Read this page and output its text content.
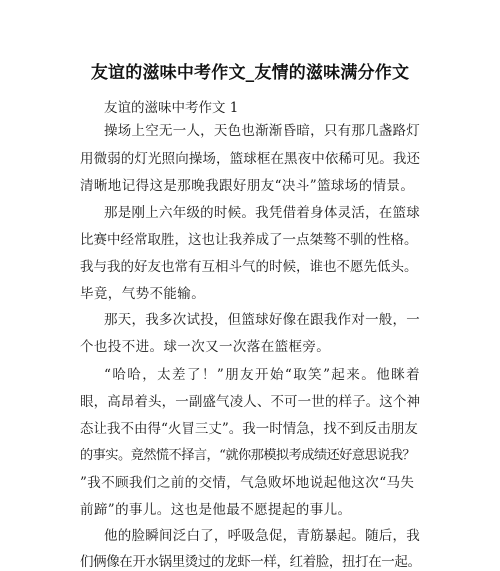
友谊的滋味中考作文_友情的滋味满分作文
友谊的滋味中考作文 1
操场上空无一人，天色也渐渐昏暗，只有那几盏路灯
用微弱的灯光照向操场，篮球框在黑夜中依稀可见。我还
清晰地记得这是那晚我跟好朋友“决斗”篮球场的情景。
那是刚上六年级的时候。我凭借着身体灵活，在篮球
比赛中经常取胜，这也让我养成了一点桀骜不驯的性格。
我与我的好友也常有互相斗气的时候，谁也不愿先低头。
毕竟，气势不能输。
那天，我多次试投，但篮球好像在跟我作对一般，一
个也投不进。球一次又一次落在篮框旁。
“哈哈，太差了！”朋友开始“取笑”起来。他眯着
眼，高昂着头，一副盛气凌人、不可一世的样子。这个神
态让我不由得“火冒三丈”。我一时情急，找不到反击朋友
的事实。竟然慌不择言，“就你那模拟考成绩还好意思说我？
”我不顾我们之前的交情，气急败坏地说起他这次“马失
前蹄”的事儿。这也是他最不愿提起的事儿。
他的脸瞬间泛白了，呼吸急促，青筋暴起。随后，我
们俩像在开水锅里烫过的龙虾一样，红着脸，扭打在一起。
